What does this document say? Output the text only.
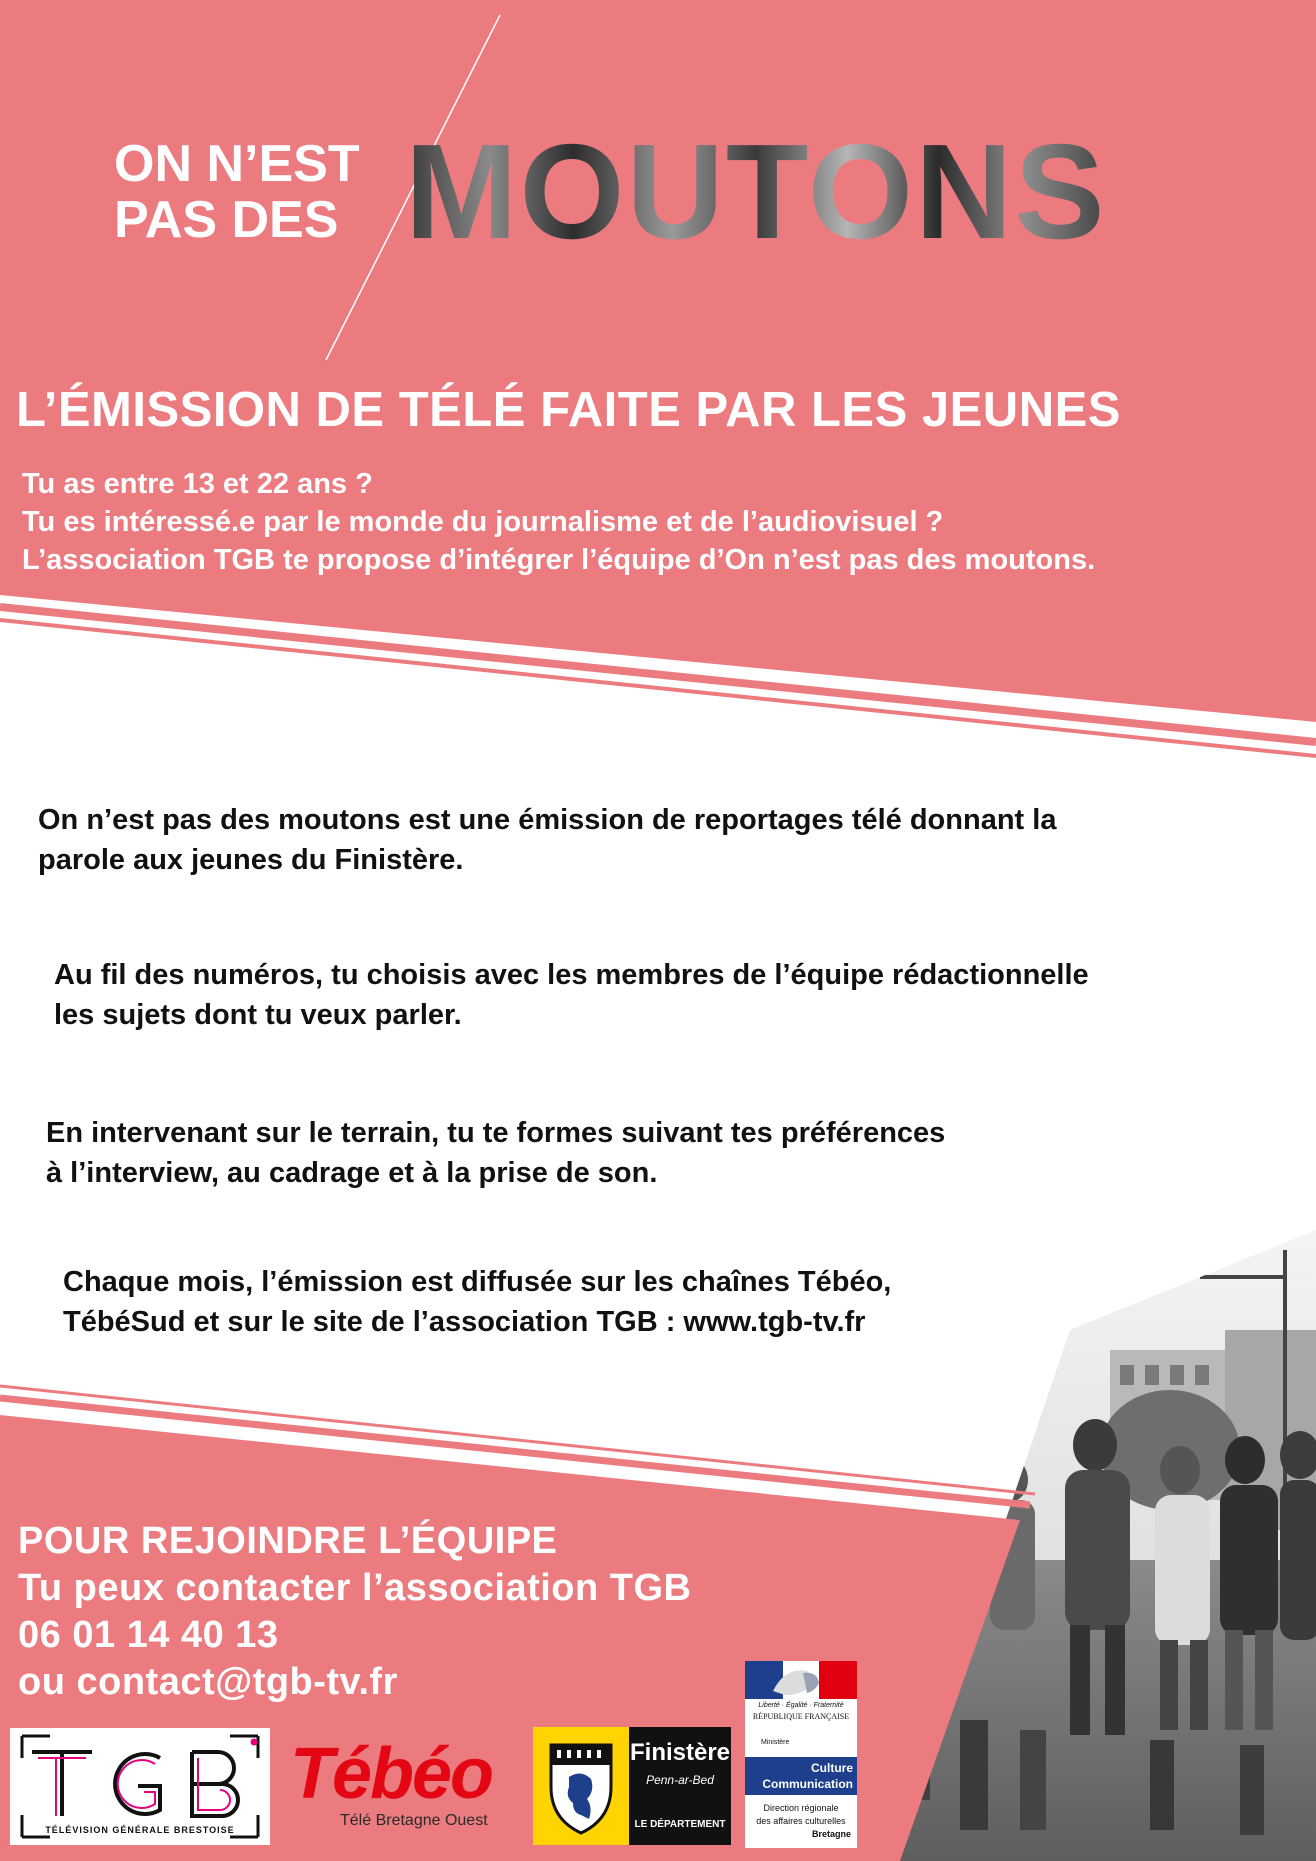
ON N’EST
PAS DES MOUTONS
L’ÉMISSION DE TÉLÉ FAITE PAR LES JEUNES
Tu as entre 13 et 22 ans ?
Tu es intéressé.e par le monde du journalisme et de l’audiovisuel ?
L’association TGB te propose d’intégrer l’équipe d’On n’est pas des moutons.
On n’est pas des moutons est une émission de reportages télé donnant la
parole aux jeunes du Finistère.
Au fil des numéros, tu choisis avec les membres de l’équipe rédactionnelle
les sujets dont tu veux parler.
En intervenant sur le terrain, tu te formes suivant tes préférences
à l’interview, au cadrage et à la prise de son.
Chaque mois, l’émission est diffusée sur les chaînes Tébéo,
TébéSud et sur le site de l’association TGB : www.tgb-tv.fr
POUR REJOINDRE L’ÉQUIPE
Tu peux contacter l’association TGB
06 01 14 40 13
ou contact@tgb-tv.fr
TÉLÉVISION GÉNÉRALE BRESTOISE
Tébéo
Télé Bretagne Ouest
Finistère
Penn-ar-Bed
LE DÉPARTEMENT
Liberté · Égalité · Fraternité
RÉPUBLIQUE FRANÇAISE
Ministère
Culture
Communication
Direction régionale
des affaires culturelles
Bretagne
